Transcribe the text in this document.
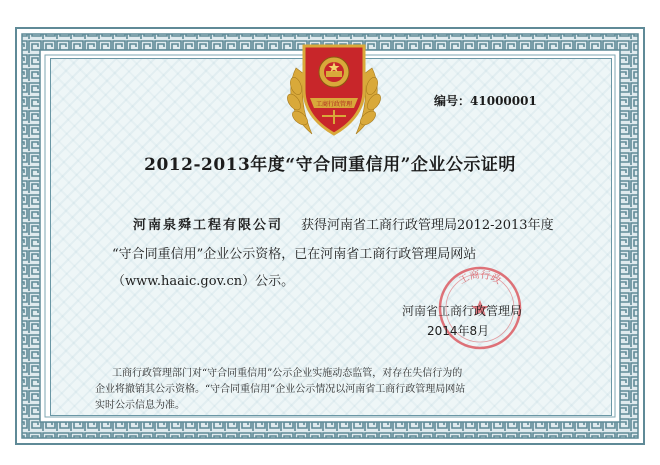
工商行政管理	编号：41000001
2012-2013年度“守合同重信用”企业公示证明
河南泉舜工程有限公司 获得河南省工商行政管理局2012-2013年度
“守合同重信用”企业公示资格，已在河南省工商行政管理局网站
（www.haaic.gov.cn）公示。	工商行政
河南省工商行政管理局
2014年8月
工商行政管理部门对“守合同重信用”公示企业实施动态监管，对存在失信行为的
企业将撤销其公示资格。“守合同重信用”企业公示情况以河南省工商行政管理局网站
实时公示信息为准。
